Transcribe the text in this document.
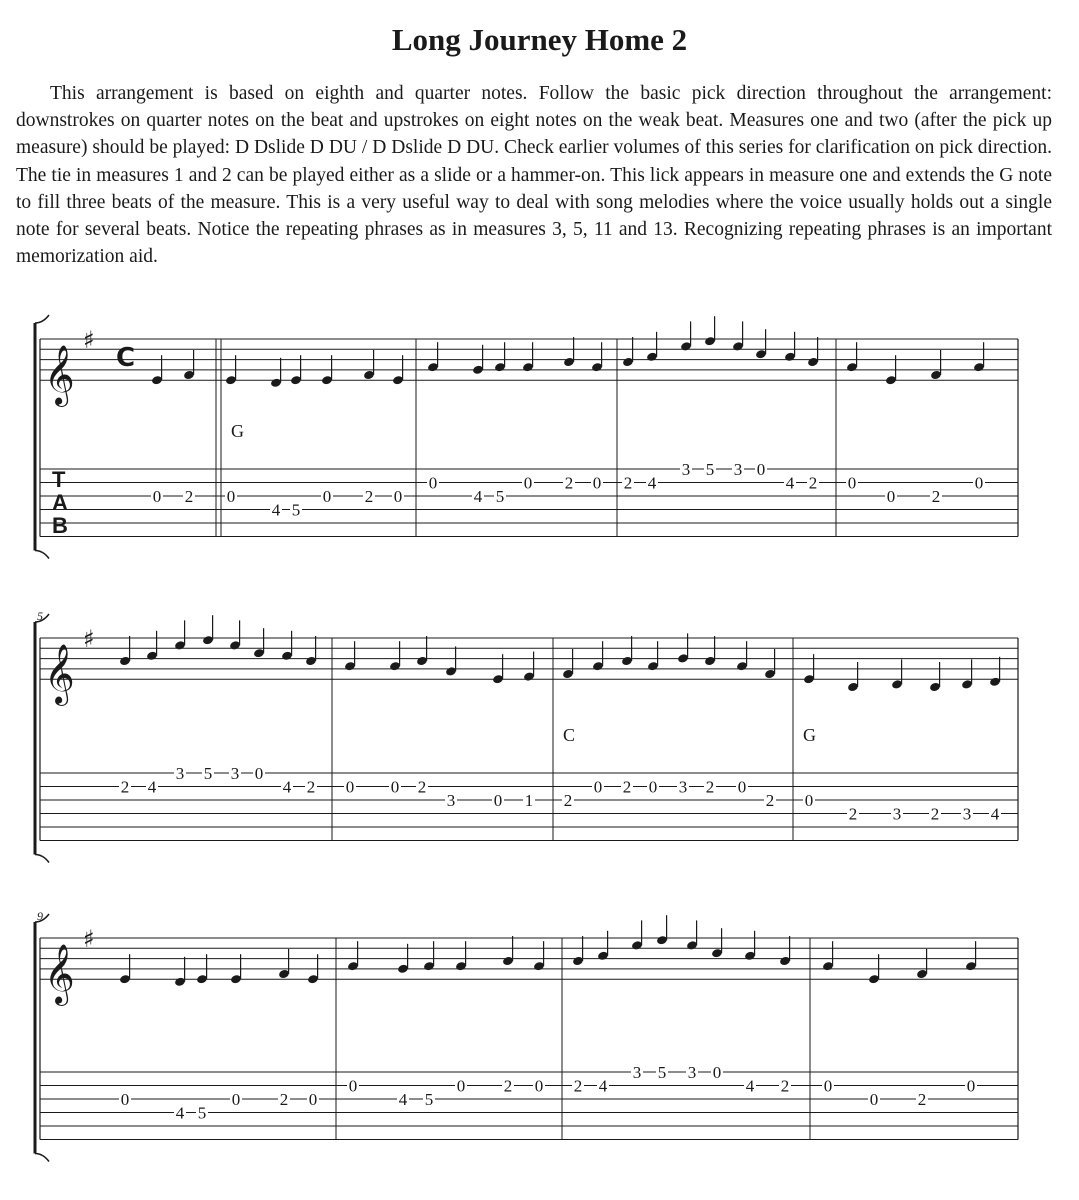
Long Journey Home 2

This arrangement is based on eighth and quarter notes. Follow the basic pick direction throughout the arrangement: downstrokes on quarter notes on the beat and upstrokes on eight notes on the weak beat. Measures one and two (after the pick up measure) should be played: D Dslide D DU / D Dslide D DU. Check earlier volumes of this series for clarification on pick direction. The tie in measures 1 and 2 can be played either as a slide or a hammer-on. This lick appears in measure one and extends the G note to fill three beats of the measure. This is a very useful way to deal with song melodies where the voice usually holds out a single note for several beats. Notice the repeating phrases as in measures 3, 5, 11 and 13. Recognizing repeating phrases is an important memorization aid.

𝄞
♯
C
T
A
B
0 2
G
0
4 5
0 2 0
0
4 5
0 2 0 2 4
3 5 3 0
4 2 0
0 2
0
𝄞
♯
5
2 4
3 5 3 0
4 2 0 0 2
3 0 1
C
2
0 2 0 3 2 0
2
G
0
2 3 2 3 4
𝄞
♯
9
0
4 5
0 2 0
0
4 5
0 2 0 2 4
3 5 3 0
4 2 0
0 2
0
